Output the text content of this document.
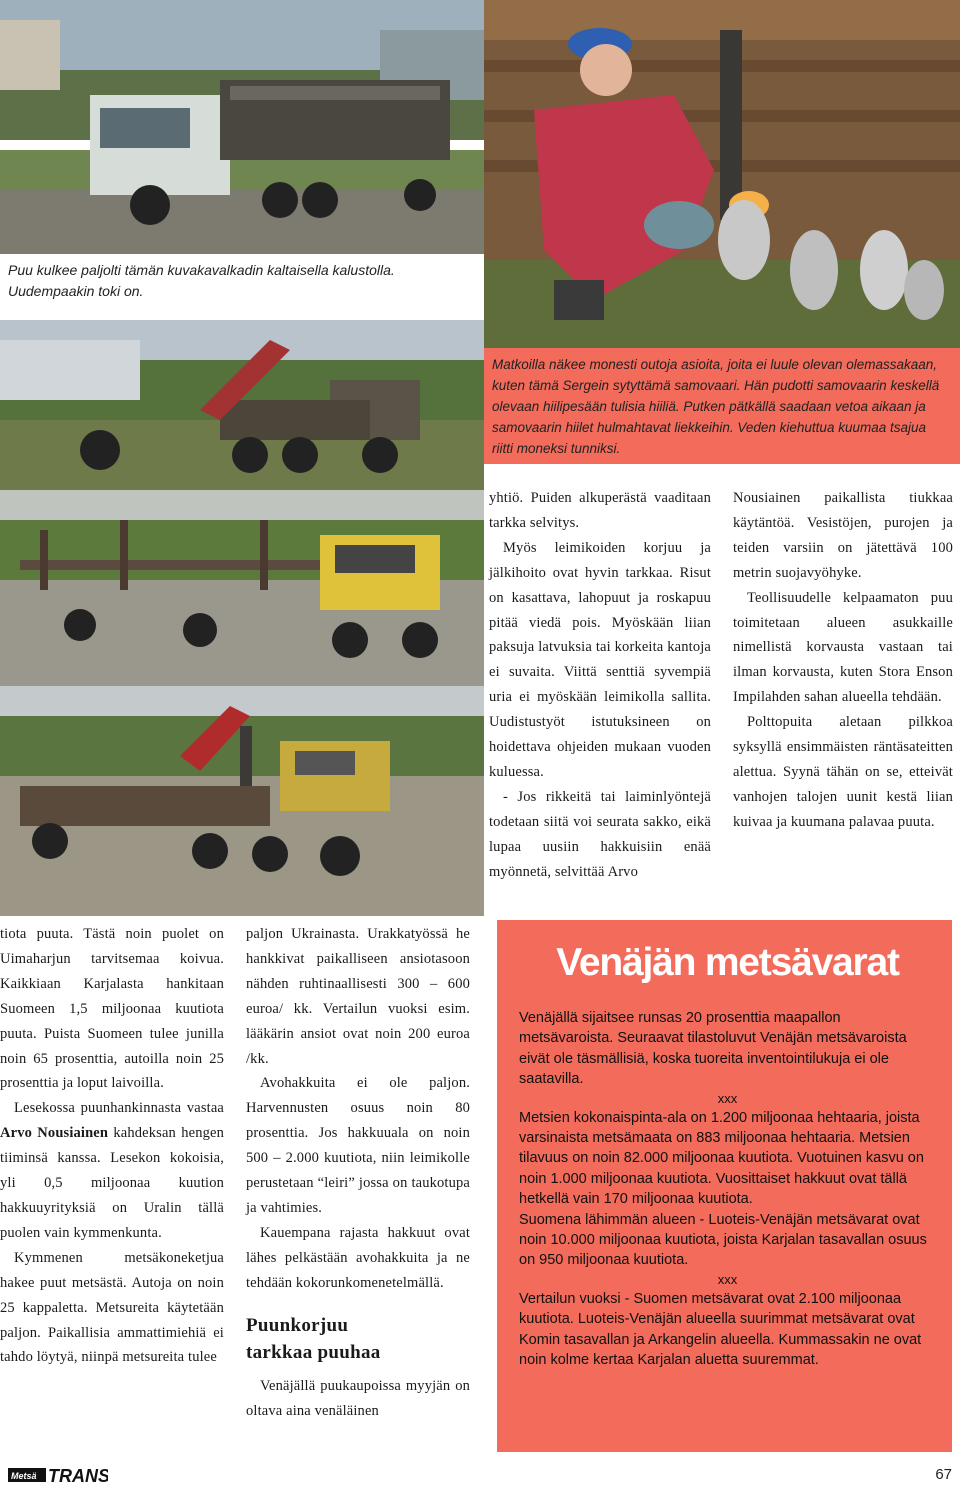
Puu kulkee paljolti tämän kuvakavalkadin kaltaisella kalustolla. Uudempaakin toki on.
Matkoilla näkee monesti outoja asioita, joita ei luule olevan olemassakaan, kuten tämä Sergein sytyttämä samovaari. Hän pudotti samovaarin keskellä olevaan hiilipesään tulisia hiiliä. Putken pätkällä saadaan vetoa aikaan ja samovaarin hiilet hulmahtavat liekkeihin. Veden kiehuttua kuumaa tsajua riitti moneksi tunniksi.

yhtiö. Puiden alkuperästä vaaditaan tarkka selvitys.

Myös leimikoiden korjuu ja jälkihoito ovat hyvin tarkkaa. Risut on kasattava, lahopuut ja roskapuu pitää viedä pois. Myöskään liian paksuja latvuksia tai korkeita kantoja ei suvaita. Viittä senttiä syvempiä uria ei myöskään leimikolla sallita. Uudistustyöt istutuksineen on hoidettava ohjeiden mukaan vuoden kuluessa.

- Jos rikkeitä tai laiminlyöntejä todetaan siitä voi seurata sakko, eikä lupaa uusiin hakkuisiin enää myönnetä, selvittää Arvo

Nousiainen paikallista tiukkaa käytäntöä. Vesistöjen, purojen ja teiden varsiin on jätettävä 100 metrin suojavyöhyke.

Teollisuudelle kelpaamaton puu toimitetaan alueen asukkaille nimellistä korvausta vastaan tai ilman korvausta, kuten Stora Enson Impilahden sahan alueella tehdään.

Polttopuita aletaan pilkkoa syksyllä ensimmäisten räntäsateitten alettua. Syynä tähän on se, etteivät vanhojen talojen uunit kestä liian kuivaa ja kuumana palavaa puuta.

tiota puuta. Tästä noin puolet on Uimaharjun tarvitsemaa koivua. Kaikkiaan Karjalasta hankitaan Suomeen 1,5 miljoonaa kuutiota puuta. Puista Suomeen tulee junilla noin 65 prosenttia, autoilla noin 25 prosenttia ja loput laivoilla.

Lesekossa puunhankinnasta vastaa Arvo Nousiainen kahdeksan hengen tiiminsä kanssa. Lesekon kokoisia, yli 0,5 miljoonaa kuution hakkuuyrityksiä on Uralin tällä puolen vain kymmenkunta.

Kymmenen metsäkoneketjua hakee puut metsästä. Autoja on noin 25 kappaletta. Metsureita käytetään paljon. Paikallisia ammattimiehiä ei tahdo löytyä, niinpä metsureita tulee

paljon Ukrainasta. Urakkatyössä he hankkivat paikalliseen ansiotasoon nähden ruhtinaallisesti 300 – 600 euroa/ kk. Vertailun vuoksi esim. lääkärin ansiot ovat noin 200 euroa /kk.

Avohakkuita ei ole paljon. Harvennusten osuus noin 80 prosenttia. Jos hakkuuala on noin 500 – 2.000 kuutiota, niin leimikolle perustetaan “leiri” jossa on taukotupa ja vahtimies.

Kauempana rajasta hakkuut ovat lähes pelkästään avohakkuita ja ne tehdään kokorunkomenetelmällä.

Puunkorjuu
tarkkaa puuhaa

Venäjällä puukaupoissa myyjän on oltava aina venäläinen

Venäjän metsävarat

Venäjällä sijaitsee runsas 20 prosenttia maapallon metsävaroista. Seuraavat tilastoluvut Venäjän metsävaroista eivät ole täsmällisiä, koska tuoreita inventointilukuja ei ole saatavilla.

xxx

Metsien kokonaispinta-ala on 1.200 miljoonaa hehtaaria, joista varsinaista metsämaata on 883 miljoonaa hehtaaria. Metsien tilavuus on noin 82.000 miljoonaa kuutiota. Vuotuinen kasvu on noin 1.000 miljoonaa kuutiota. Vuosittaiset hakkuut ovat tällä hetkellä vain 170 miljoonaa kuutiota.

Suomena lähimmän alueen - Luoteis-Venäjän metsävarat ovat noin 10.000 miljoonaa kuutiota, joista Karjalan tasavallan osuus on 950 miljoonaa kuutiota.

xxx

Vertailun vuoksi - Suomen metsävarat ovat 2.100 miljoonaa kuutiota. Luoteis-Venäjän alueella suurimmat metsävarat ovat Komin tasavallan ja Arkangelin alueella. Kummassakin ne ovat noin kolme kertaa Karjalan aluetta suuremmat.

Metsä TRANS	67
